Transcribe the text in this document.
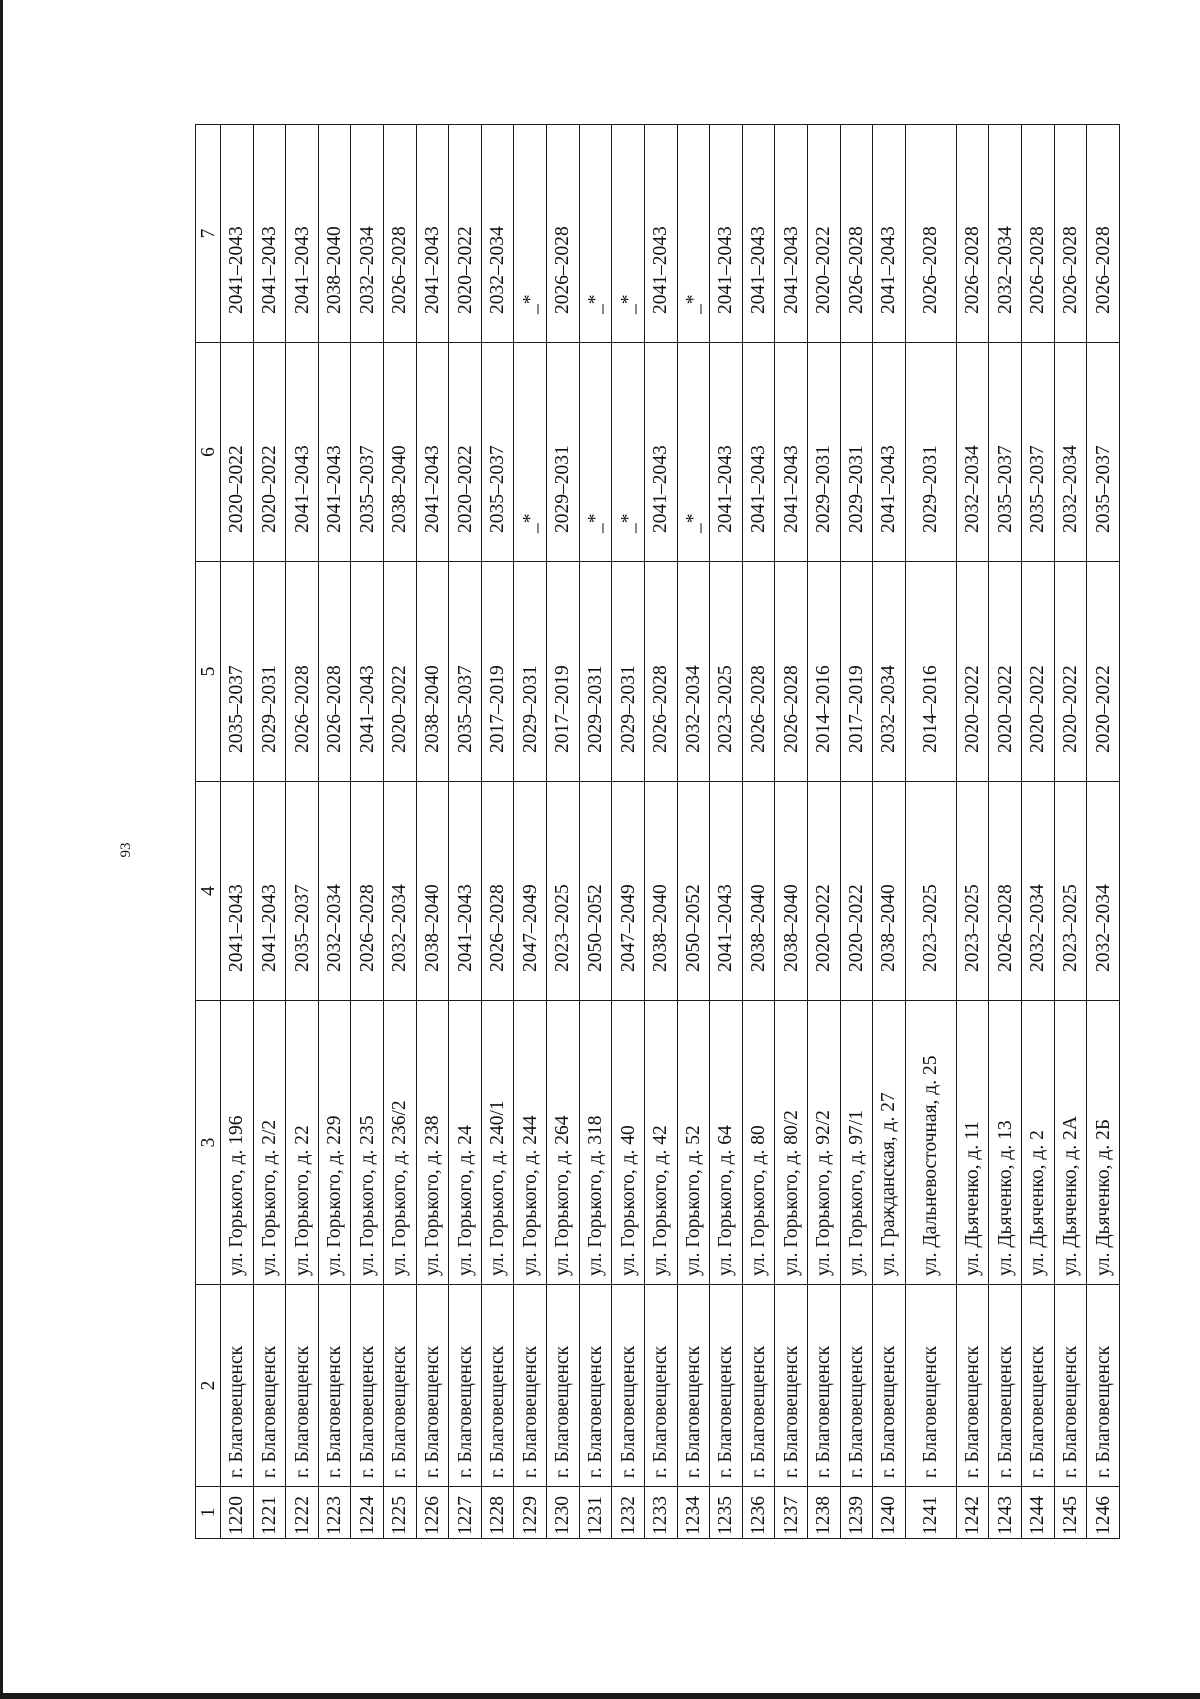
93
1	2	3	4	5	6	7
1220	г. Благовещенск	ул. Горького, д. 196	2041–2043	2035–2037	2020–2022	2041–2043
1221	г. Благовещенск	ул. Горького, д. 2/2	2041–2043	2029–2031	2020–2022	2041–2043
1222	г. Благовещенск	ул. Горького, д. 22	2035–2037	2026–2028	2041–2043	2041–2043
1223	г. Благовещенск	ул. Горького, д. 229	2032–2034	2026–2028	2041–2043	2038–2040
1224	г. Благовещенск	ул. Горького, д. 235	2026–2028	2041–2043	2035–2037	2032–2034
1225	г. Благовещенск	ул. Горького, д. 236/2	2032–2034	2020–2022	2038–2040	2026–2028
1226	г. Благовещенск	ул. Горького, д. 238	2038–2040	2038–2040	2041–2043	2041–2043
1227	г. Благовещенск	ул. Горького, д. 24	2041–2043	2035–2037	2020–2022	2020–2022
1228	г. Благовещенск	ул. Горького, д. 240/1	2026–2028	2017–2019	2035–2037	2032–2034
1229	г. Благовещенск	ул. Горького, д. 244	2047–2049	2029–2031	_*	_*
1230	г. Благовещенск	ул. Горького, д. 264	2023–2025	2017–2019	2029–2031	2026–2028
1231	г. Благовещенск	ул. Горького, д. 318	2050–2052	2029–2031	_*	_*
1232	г. Благовещенск	ул. Горького, д. 40	2047–2049	2029–2031	_*	_*
1233	г. Благовещенск	ул. Горького, д. 42	2038–2040	2026–2028	2041–2043	2041–2043
1234	г. Благовещенск	ул. Горького, д. 52	2050–2052	2032–2034	_*	_*
1235	г. Благовещенск	ул. Горького, д. 64	2041–2043	2023–2025	2041–2043	2041–2043
1236	г. Благовещенск	ул. Горького, д. 80	2038–2040	2026–2028	2041–2043	2041–2043
1237	г. Благовещенск	ул. Горького, д. 80/2	2038–2040	2026–2028	2041–2043	2041–2043
1238	г. Благовещенск	ул. Горького, д. 92/2	2020–2022	2014–2016	2029–2031	2020–2022
1239	г. Благовещенск	ул. Горького, д. 97/1	2020–2022	2017–2019	2029–2031	2026–2028
1240	г. Благовещенск	ул. Гражданская, д. 27	2038–2040	2032–2034	2041–2043	2041–2043
1241	г. Благовещенск	ул. Дальневосточная, д. 25	2023–2025	2014–2016	2029–2031	2026–2028
1242	г. Благовещенск	ул. Дьяченко, д. 11	2023–2025	2020–2022	2032–2034	2026–2028
1243	г. Благовещенск	ул. Дьяченко, д. 13	2026–2028	2020–2022	2035–2037	2032–2034
1244	г. Благовещенск	ул. Дьяченко, д. 2	2032–2034	2020–2022	2035–2037	2026–2028
1245	г. Благовещенск	ул. Дьяченко, д. 2А	2023–2025	2020–2022	2032–2034	2026–2028
1246	г. Благовещенск	ул. Дьяченко, д. 2Б	2032–2034	2020–2022	2035–2037	2026–2028
